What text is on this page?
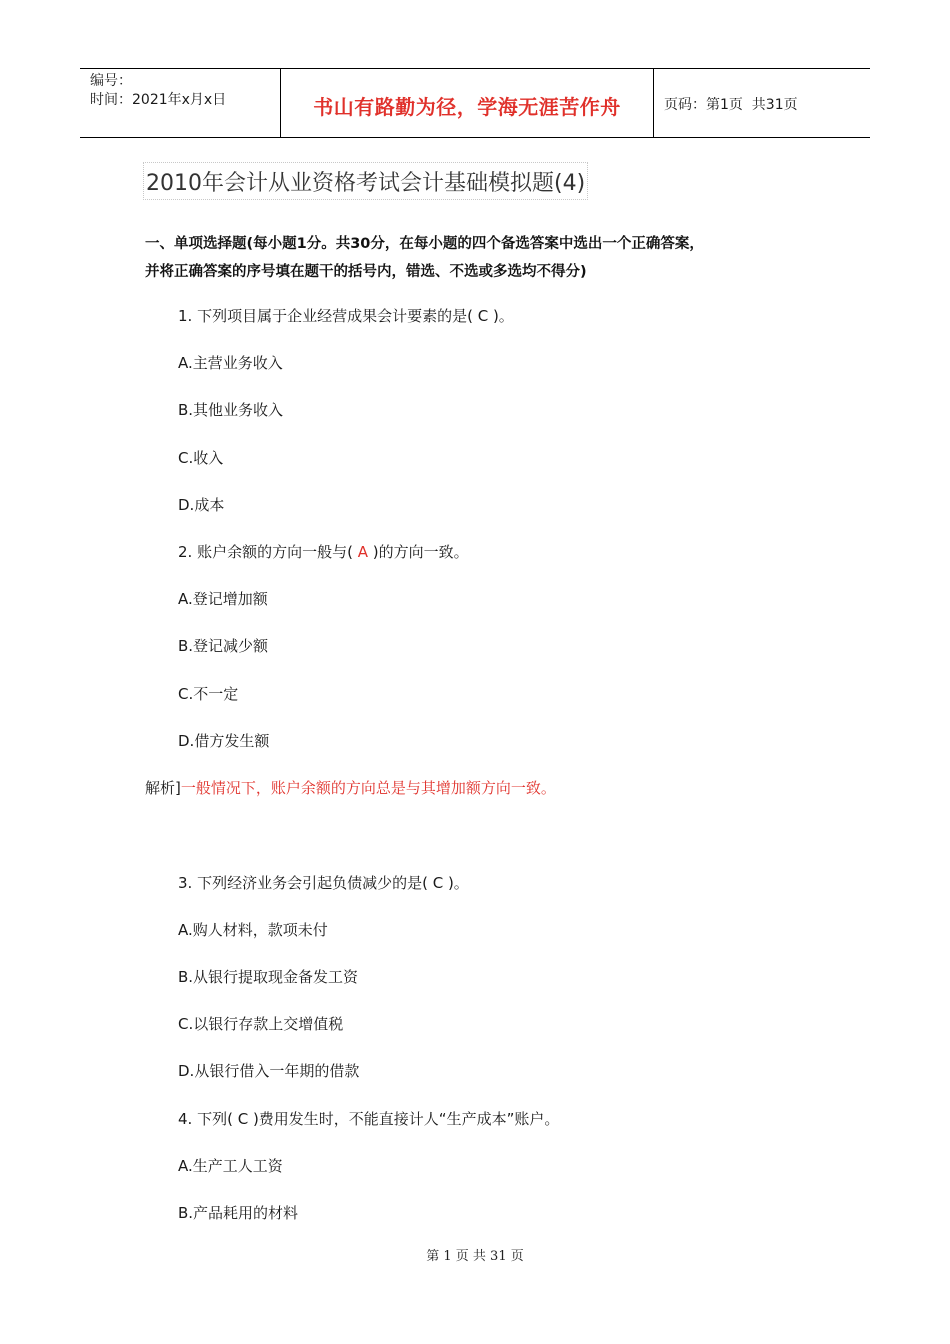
编号：
时间：2021年x月x日	书山有路勤为径，学海无涯苦作舟	页码：第1页  共31页
2010年会计从业资格考试会计基础模拟题(4)
一、单项选择题(每小题1分。共30分，在每小题的四个备选答案中选出一个正确答案，
并将正确答案的序号填在题干的括号内，错选、不选或多选均不得分)
1. 下列项目属于企业经营成果会计要素的是( C )。
A.主营业务收入
B.其他业务收入
C.收入
D.成本
2. 账户余额的方向一般与( A )的方向一致。
A.登记增加额
B.登记减少额
C.不一定
D.借方发生额
解析]一般情况下，账户余额的方向总是与其增加额方向一致。
3. 下列经济业务会引起负债减少的是( C )。
A.购人材料，款项未付
B.从银行提取现金备发工资
C.以银行存款上交增值税
D.从银行借入一年期的借款
4. 下列( C )费用发生时，不能直接计人“生产成本”账户。
A.生产工人工资
B.产品耗用的材料
第 1 页 共 31 页
